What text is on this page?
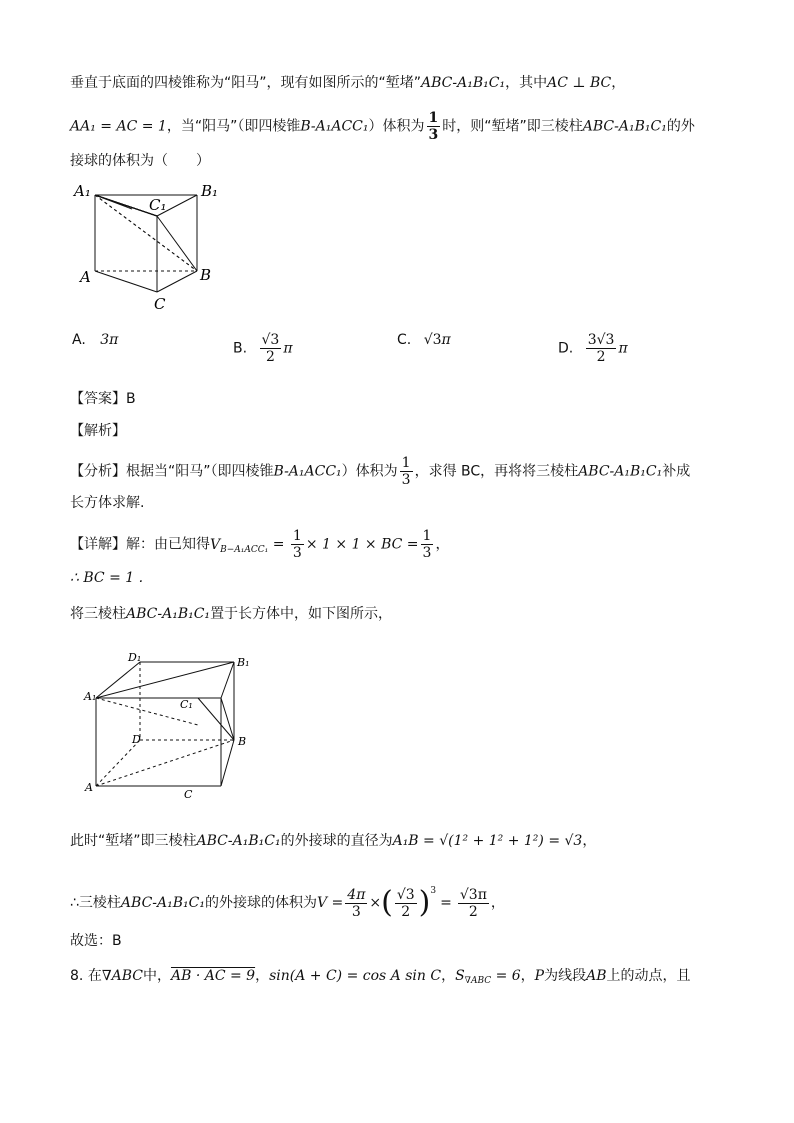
垂直于底面的四棱锥称为“阳马”，现有如图所示的“堑堵”ABC-A₁B₁C₁，其中AC ⊥ BC，
AA₁ = AC = 1，当“阳马”（即四棱锥B-A₁ACC₁）体积为 $\frac{1}{3}$ 时，则“堑堵”即三棱柱ABC-A₁B₁C₁的外
接球的体积为（　　）
A₁
C₁
B₁
A	B
C
A. 3π
B. $\frac{√3}{2}$ π
C. √3π
D. $\frac{3√3}{2}$ π
【答案】B
【解析】
【分析】根据当“阳马”（即四棱锥B-A₁ACC₁）体积为 $\frac{1}{3}$ ，求得 BC，再将将三棱柱ABC-A₁B₁C₁补成
长方体求解.
【详解】解：由已知得$V_{B-A_1ACC_1} = \frac{1}{3} \times 1 \times 1$ × BC = $\frac{1}{3}$ ，
∴ BC = 1 .
将三棱柱ABC-A₁B₁C₁置于长方体中，如下图所示，
D₁	B₁
A₁
C₁
D	B
A
C
此时“堑堵”即三棱柱ABC-A₁B₁C₁的外接球的直径为A₁B = √(1² + 1² + 1²) = √3，
∴三棱柱ABC-A₁B₁C₁的外接球的体积为$V = \frac{4\pi}{3}$ ×( $\frac{√3}{2} )^3= \frac{√3\pi}{2}$ ，
故选：B
8. 在∇ABC中，AB · AC = 9，sin(A + C) = cos A sin C，$S_{\nabla ABC} = 6$，P为线段AB上的动点，且
